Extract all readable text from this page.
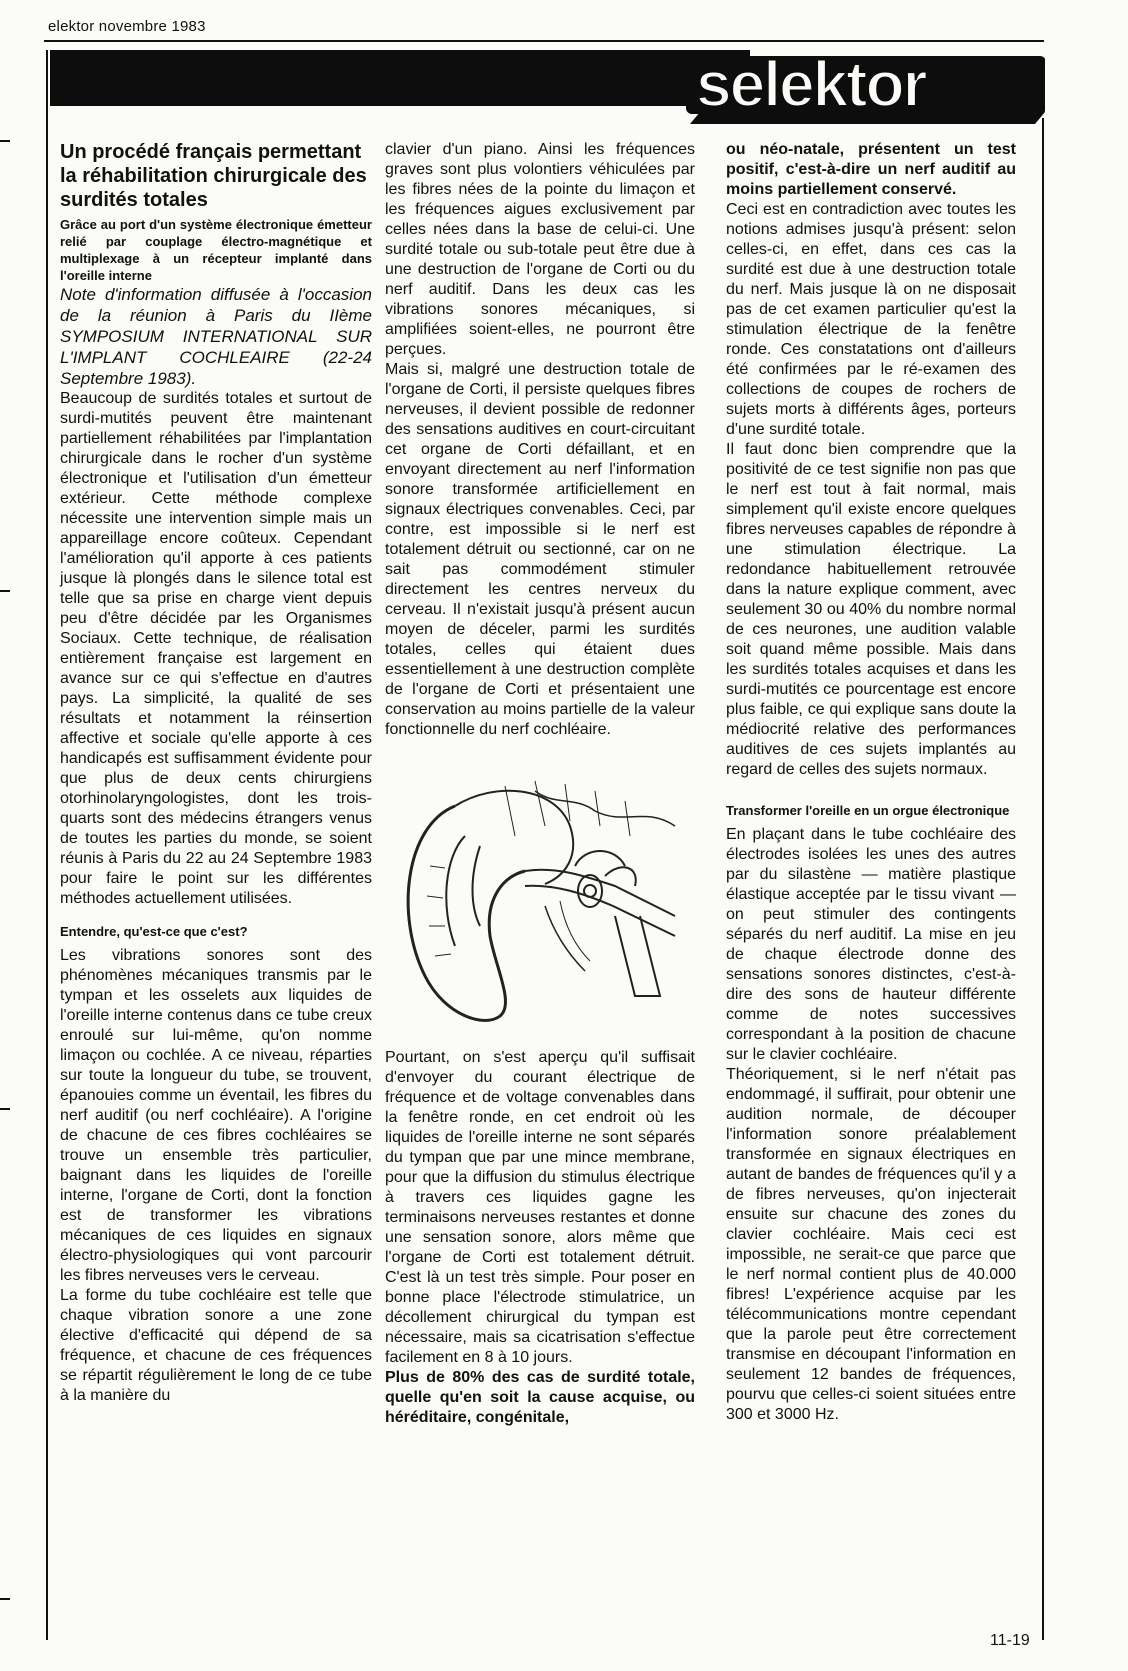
elektor novembre 1983
selektor
Un procédé français permettant la réhabilitation chirurgicale des surdités totales

Grâce au port d'un système électronique émetteur relié par couplage électro-magnétique et multiplexage à un récepteur implanté dans l'oreille interne

Note d'information diffusée à l'occasion de la réunion à Paris du IIème SYMPOSIUM INTERNATIONAL SUR L'IMPLANT COCHLEAIRE (22-24 Septembre 1983).

Beaucoup de surdités totales et surtout de surdi-mutités peuvent être maintenant partiellement réhabilitées par l'implantation chirurgicale dans le rocher d'un système électronique et l'utilisation d'un émetteur extérieur. Cette méthode complexe nécessite une intervention simple mais un appareillage encore coûteux. Cependant l'amélioration qu'il apporte à ces patients jusque là plongés dans le silence total est telle que sa prise en charge vient depuis peu d'être décidée par les Organismes Sociaux. Cette technique, de réalisation entièrement française est largement en avance sur ce qui s'effectue en d'autres pays. La simplicité, la qualité de ses résultats et notamment la réinsertion affective et sociale qu'elle apporte à ces handicapés est suffisamment évidente pour que plus de deux cents chirurgiens otorhinolaryngologistes, dont les trois-quarts sont des médecins étrangers venus de toutes les parties du monde, se soient réunis à Paris du 22 au 24 Septembre 1983 pour faire le point sur les différentes méthodes actuellement utilisées.

Entendre, qu'est-ce que c'est?

Les vibrations sonores sont des phénomènes mécaniques transmis par le tympan et les osselets aux liquides de l'oreille interne contenus dans ce tube creux enroulé sur lui-même, qu'on nomme limaçon ou cochlée. A ce niveau, réparties sur toute la longueur du tube, se trouvent, épanouies comme un éventail, les fibres du nerf auditif (ou nerf cochléaire). A l'origine de chacune de ces fibres cochléaires se trouve un ensemble très particulier, baignant dans les liquides de l'oreille interne, l'organe de Corti, dont la fonction est de transformer les vibrations mécaniques de ces liquides en signaux électro-physiologiques qui vont parcourir les fibres nerveuses vers le cerveau.

La forme du tube cochléaire est telle que chaque vibration sonore a une zone élective d'efficacité qui dépend de sa fréquence, et chacune de ces fréquences se répartit régulièrement le long de ce tube à la manière du

clavier d'un piano. Ainsi les fréquences graves sont plus volontiers véhiculées par les fibres nées de la pointe du limaçon et les fréquences aigues exclusivement par celles nées dans la base de celui-ci. Une surdité totale ou sub-totale peut être due à une destruction de l'organe de Corti ou du nerf auditif. Dans les deux cas les vibrations sonores mécaniques, si amplifiées soient-elles, ne pourront être perçues.

Mais si, malgré une destruction totale de l'organe de Corti, il persiste quelques fibres nerveuses, il devient possible de redonner des sensations auditives en court-circuitant cet organe de Corti défaillant, et en envoyant directement au nerf l'information sonore transformée artificiellement en signaux électriques convenables. Ceci, par contre, est impossible si le nerf est totalement détruit ou sectionné, car on ne sait pas commodément stimuler directement les centres nerveux du cerveau. Il n'existait jusqu'à présent aucun moyen de déceler, parmi les surdités totales, celles qui étaient dues essentiellement à une destruction complète de l'organe de Corti et présentaient une conservation au moins partielle de la valeur fonctionnelle du nerf cochléaire.

Pourtant, on s'est aperçu qu'il suffisait d'envoyer du courant électrique de fréquence et de voltage convenables dans la fenêtre ronde, en cet endroit où les liquides de l'oreille interne ne sont séparés du tympan que par une mince membrane, pour que la diffusion du stimulus électrique à travers ces liquides gagne les terminaisons nerveuses restantes et donne une sensation sonore, alors même que l'organe de Corti est totalement détruit. C'est là un test très simple. Pour poser en bonne place l'électrode stimulatrice, un décollement chirurgical du tympan est nécessaire, mais sa cicatrisation s'effectue facilement en 8 à 10 jours.

Plus de 80% des cas de surdité totale, quelle qu'en soit la cause acquise, ou héréditaire, congénitale,

ou néo-natale, présentent un test positif, c'est-à-dire un nerf auditif au moins partiellement conservé.

Ceci est en contradiction avec toutes les notions admises jusqu'à présent: selon celles-ci, en effet, dans ces cas la surdité est due à une destruction totale du nerf. Mais jusque là on ne disposait pas de cet examen particulier qu'est la stimulation électrique de la fenêtre ronde. Ces constatations ont d'ailleurs été confirmées par le ré-examen des collections de coupes de rochers de sujets morts à différents âges, porteurs d'une surdité totale.

Il faut donc bien comprendre que la positivité de ce test signifie non pas que le nerf est tout à fait normal, mais simplement qu'il existe encore quelques fibres nerveuses capables de répondre à une stimulation électrique. La redondance habituellement retrouvée dans la nature explique comment, avec seulement 30 ou 40% du nombre normal de ces neurones, une audition valable soit quand même possible. Mais dans les surdités totales acquises et dans les surdi-mutités ce pourcentage est encore plus faible, ce qui explique sans doute la médiocrité relative des performances auditives de ces sujets implantés au regard de celles des sujets normaux.

Transformer l'oreille en un orgue électronique

En plaçant dans le tube cochléaire des électrodes isolées les unes des autres par du silastène — matière plastique élastique acceptée par le tissu vivant — on peut stimuler des contingents séparés du nerf auditif. La mise en jeu de chaque électrode donne des sensations sonores distinctes, c'est-à-dire des sons de hauteur différente comme de notes successives correspondant à la position de chacune sur le clavier cochléaire.

Théoriquement, si le nerf n'était pas endommagé, il suffirait, pour obtenir une audition normale, de découper l'information sonore préalablement transformée en signaux électriques en autant de bandes de fréquences qu'il y a de fibres nerveuses, qu'on injecterait ensuite sur chacune des zones du clavier cochléaire. Mais ceci est impossible, ne serait-ce que parce que le nerf normal contient plus de 40.000 fibres! L'expérience acquise par les télécommunications montre cependant que la parole peut être correctement transmise en découpant l'information en seulement 12 bandes de fréquences, pourvu que celles-ci soient situées entre 300 et 3000 Hz.

11-19
